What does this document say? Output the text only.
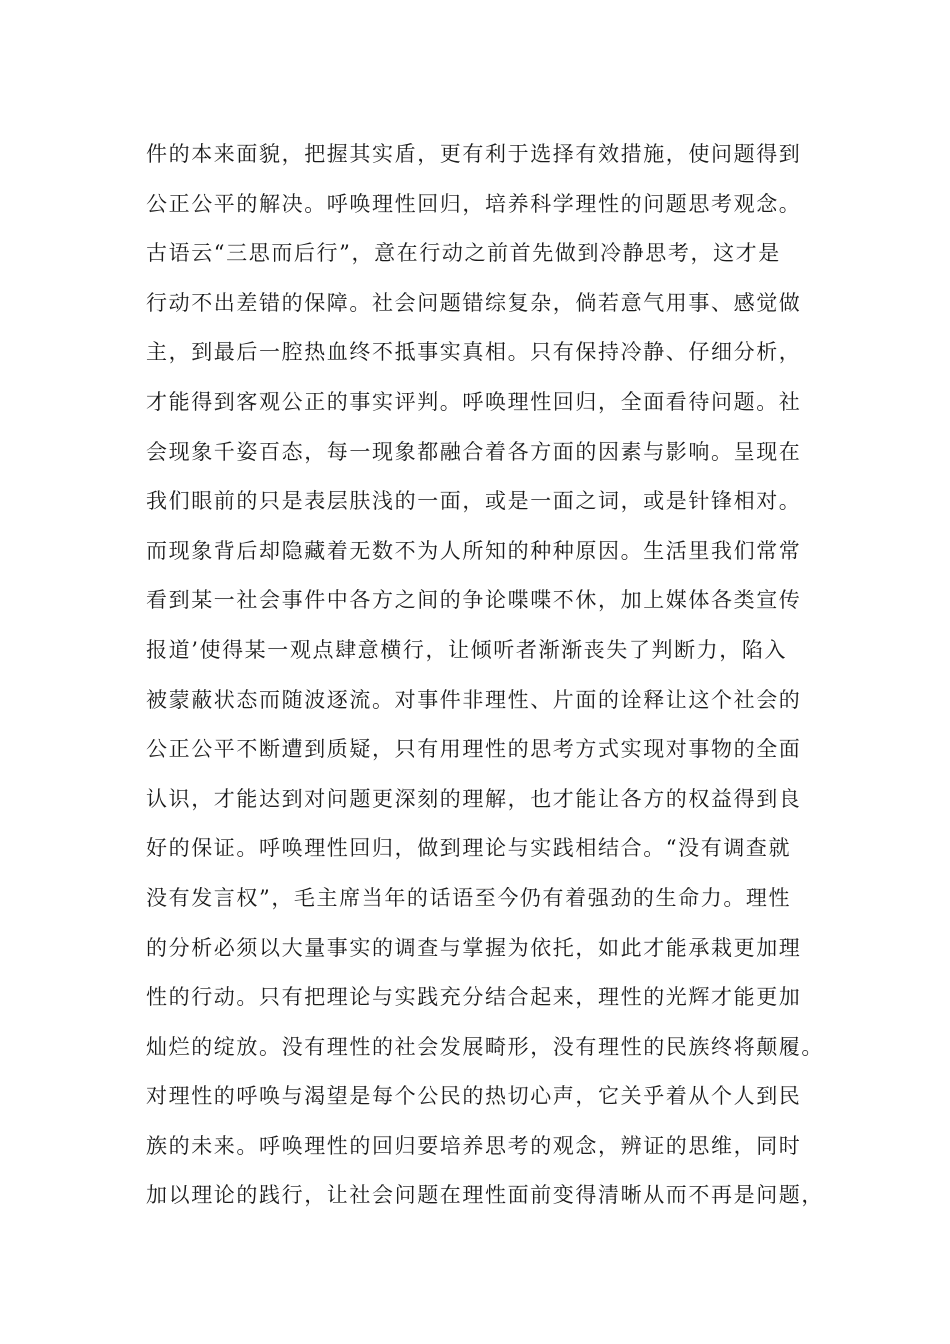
件的本来面貌，把握其实盾，更有利于选择有效措施，使问题得到
公正公平的解决。呼唤理性回归，培养科学理性的问题思考观念。
古语云“三思而后行”，意在行动之前首先做到冷静思考，这才是
行动不出差错的保障。社会问题错综复杂，倘若意气用事、感觉做
主，到最后一腔热血终不抵事实真相。只有保持冷静、仔细分析，
才能得到客观公正的事实评判。呼唤理性回归，全面看待问题。社
会现象千姿百态，每一现象都融合着各方面的因素与影响。呈现在
我们眼前的只是表层肤浅的一面，或是一面之词，或是针锋相对。
而现象背后却隐藏着无数不为人所知的种种原因。生活里我们常常
看到某一社会事件中各方之间的争论喋喋不休，加上媒体各类宣传
报道’使得某一观点肆意横行，让倾听者渐渐丧失了判断力，陷入
被蒙蔽状态而随波逐流。对事件非理性、片面的诠释让这个社会的
公正公平不断遭到质疑，只有用理性的思考方式实现对事物的全面
认识，才能达到对问题更深刻的理解，也才能让各方的权益得到良
好的保证。呼唤理性回归，做到理论与实践相结合。“没有调查就
没有发言权”，毛主席当年的话语至今仍有着强劲的生命力。理性
的分析必须以大量事实的调查与掌握为依托，如此才能承栽更加理
性的行动。只有把理论与实践充分结合起来，理性的光辉才能更加
灿烂的绽放。没有理性的社会发展畸形，没有理性的民族终将颠履。
对理性的呼唤与渴望是每个公民的热切心声，它关乎着从个人到民
族的未来。呼唤理性的回归要培养思考的观念，辨证的思维，同时
加以理论的践行，让社会问题在理性面前变得清晰从而不再是问题，
